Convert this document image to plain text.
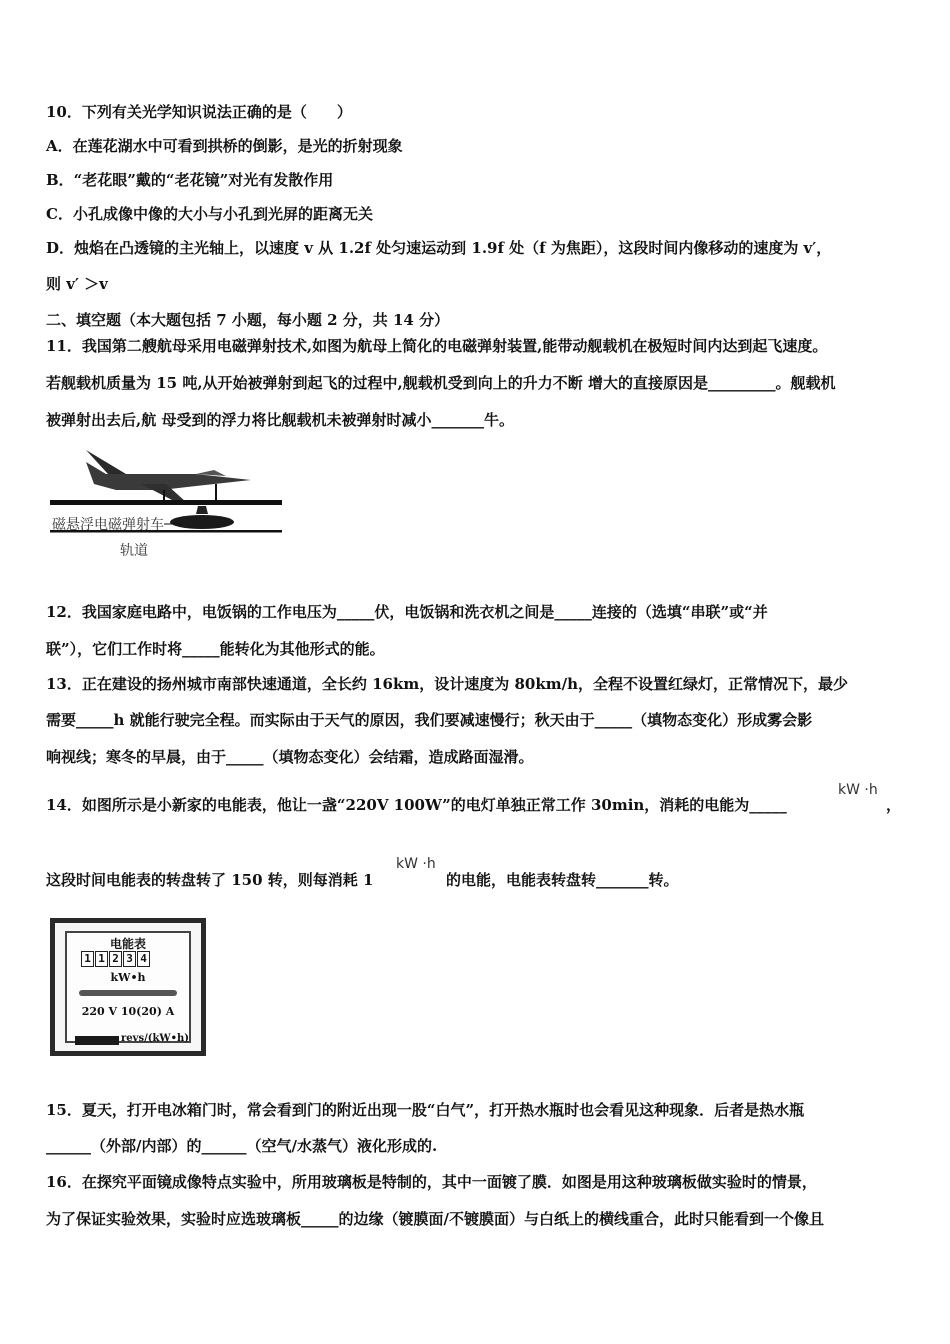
10．下列有关光学知识说法正确的是（　　）
A．在莲花湖水中可看到拱桥的倒影，是光的折射现象
B．“老花眼”戴的“老花镜”对光有发散作用
C．小孔成像中像的大小与小孔到光屏的距离无关
D．烛焰在凸透镜的主光轴上，以速度 v 从 1.2f 处匀速运动到 1.9f 处（f 为焦距），这段时间内像移动的速度为 v′，
则 v′ ＞v
二、填空题（本大题包括 7 小题，每小题 2 分，共 14 分）
11．我国第二艘航母采用电磁弹射技术,如图为航母上简化的电磁弹射装置,能带动舰载机在极短时间内达到起飞速度。
若舰载机质量为 15 吨,从开始被弹射到起飞的过程中,舰载机受到向上的升力不断 增大的直接原因是_________。舰载机
被弹射出去后,航 母受到的浮力将比舰载机未被弹射时减小_______牛。
磁悬浮电磁弹射车
轨道
12．我国家庭电路中，电饭锅的工作电压为_____伏，电饭锅和洗衣机之间是_____连接的（选填“串联”或“并
联”），它们工作时将_____能转化为其他形式的能。
13．正在建设的扬州城市南部快速通道，全长约 16km，设计速度为 80km/h，全程不设置红绿灯，正常情况下，最少
需要_____h 就能行驶完全程。而实际由于天气的原因，我们要减速慢行；秋天由于_____（填物态变化）形成雾会影
响视线；寒冬的早晨，由于_____（填物态变化）会结霜，造成路面湿滑。
14．如图所示是小新家的电能表，他让一盏“220V 100W”的电灯单独正常工作 30min，消耗的电能为_____
kW ·h
，
这段时间电能表的转盘转了 150 转，则每消耗 1
kW ·h
的电能，电能表转盘转_______转。
电能表
1 1 2 3 4
kW•h
220 V 10(20) A
revs/(kW•h)
15．夏天，打开电冰箱门时，常会看到门的附近出现一股“白气”，打开热水瓶时也会看见这种现象．后者是热水瓶
______（外部/内部）的______（空气/水蒸气）液化形成的.
16．在探究平面镜成像特点实验中，所用玻璃板是特制的，其中一面镀了膜．如图是用这种玻璃板做实验时的情景，
为了保证实验效果，实验时应选玻璃板_____的边缘（镀膜面/不镀膜面）与白纸上的横线重合，此时只能看到一个像且
